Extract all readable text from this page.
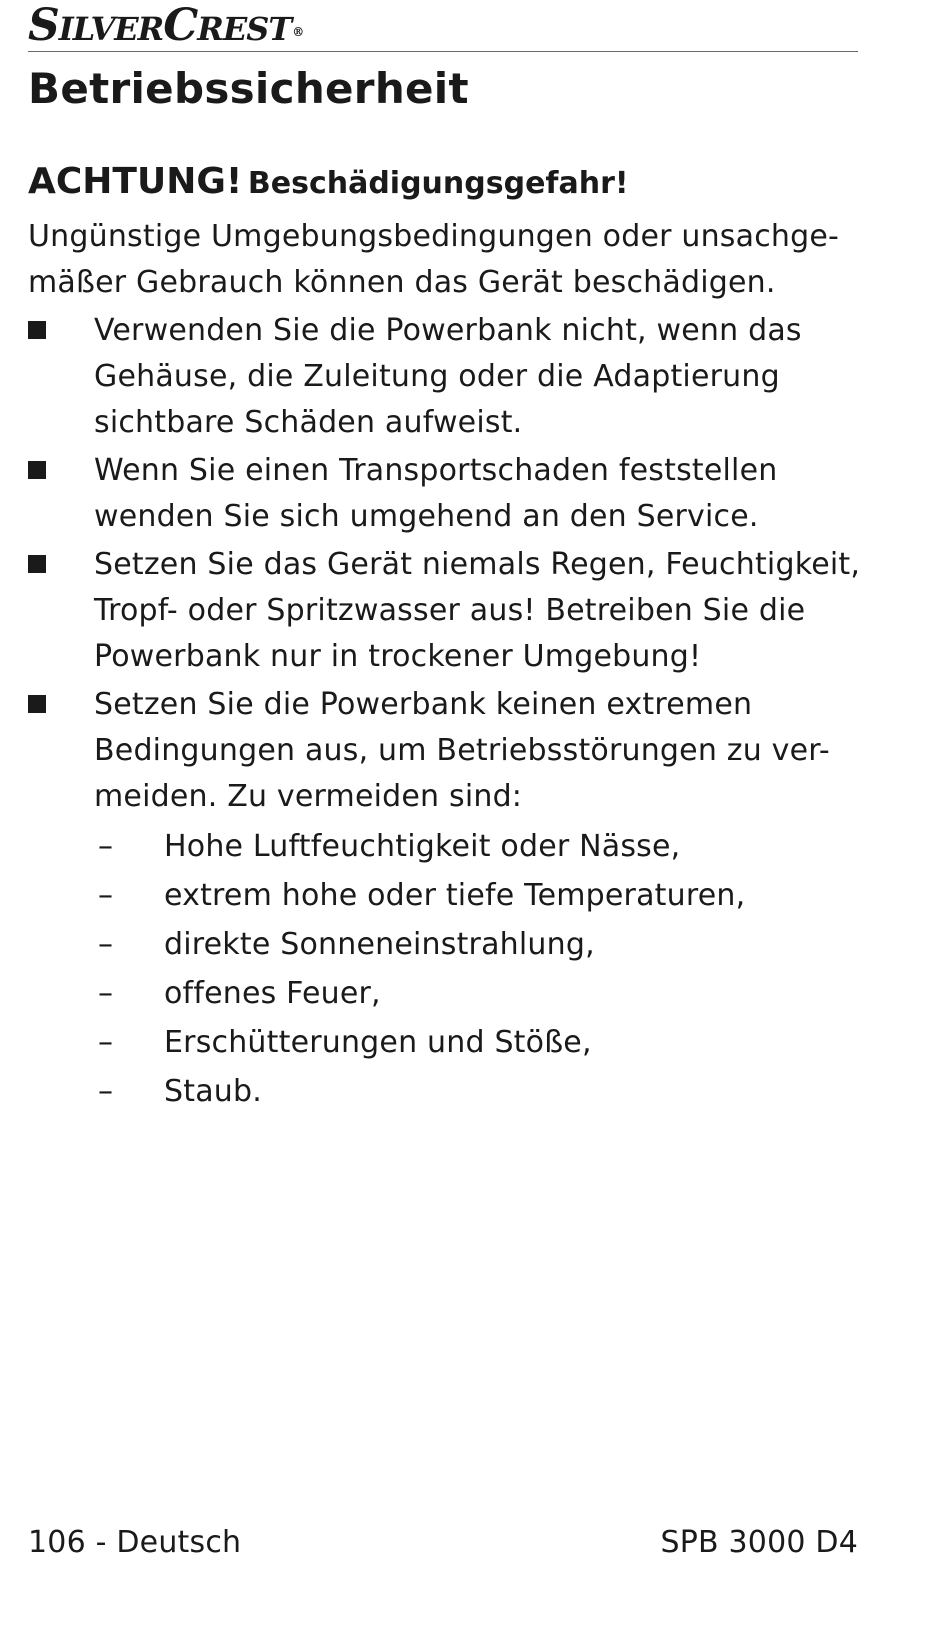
SILVERCREST®
Betriebssicherheit
ACHTUNG! Beschädigungsgefahr!
Ungünstige Umgebungsbedingungen oder unsachge-
mäßer Gebrauch können das Gerät beschädigen.
Verwenden Sie die Powerbank nicht, wenn das
Gehäuse, die Zuleitung oder die Adaptierung
sichtbare Schäden aufweist.
Wenn Sie einen Transportschaden feststellen
wenden Sie sich umgehend an den Service.
Setzen Sie das Gerät niemals Regen, Feuchtigkeit,
Tropf- oder Spritzwasser aus! Betreiben Sie die
Powerbank nur in trockener Umgebung!
Setzen Sie die Powerbank keinen extremen
Bedingungen aus, um Betriebsstörungen zu ver-
meiden. Zu vermeiden sind:
– Hohe Luftfeuchtigkeit oder Nässe,
– extrem hohe oder tiefe Temperaturen,
– direkte Sonneneinstrahlung,
– offenes Feuer,
– Erschütterungen und Stöße,
– Staub.
106 - Deutsch	SPB 3000 D4
